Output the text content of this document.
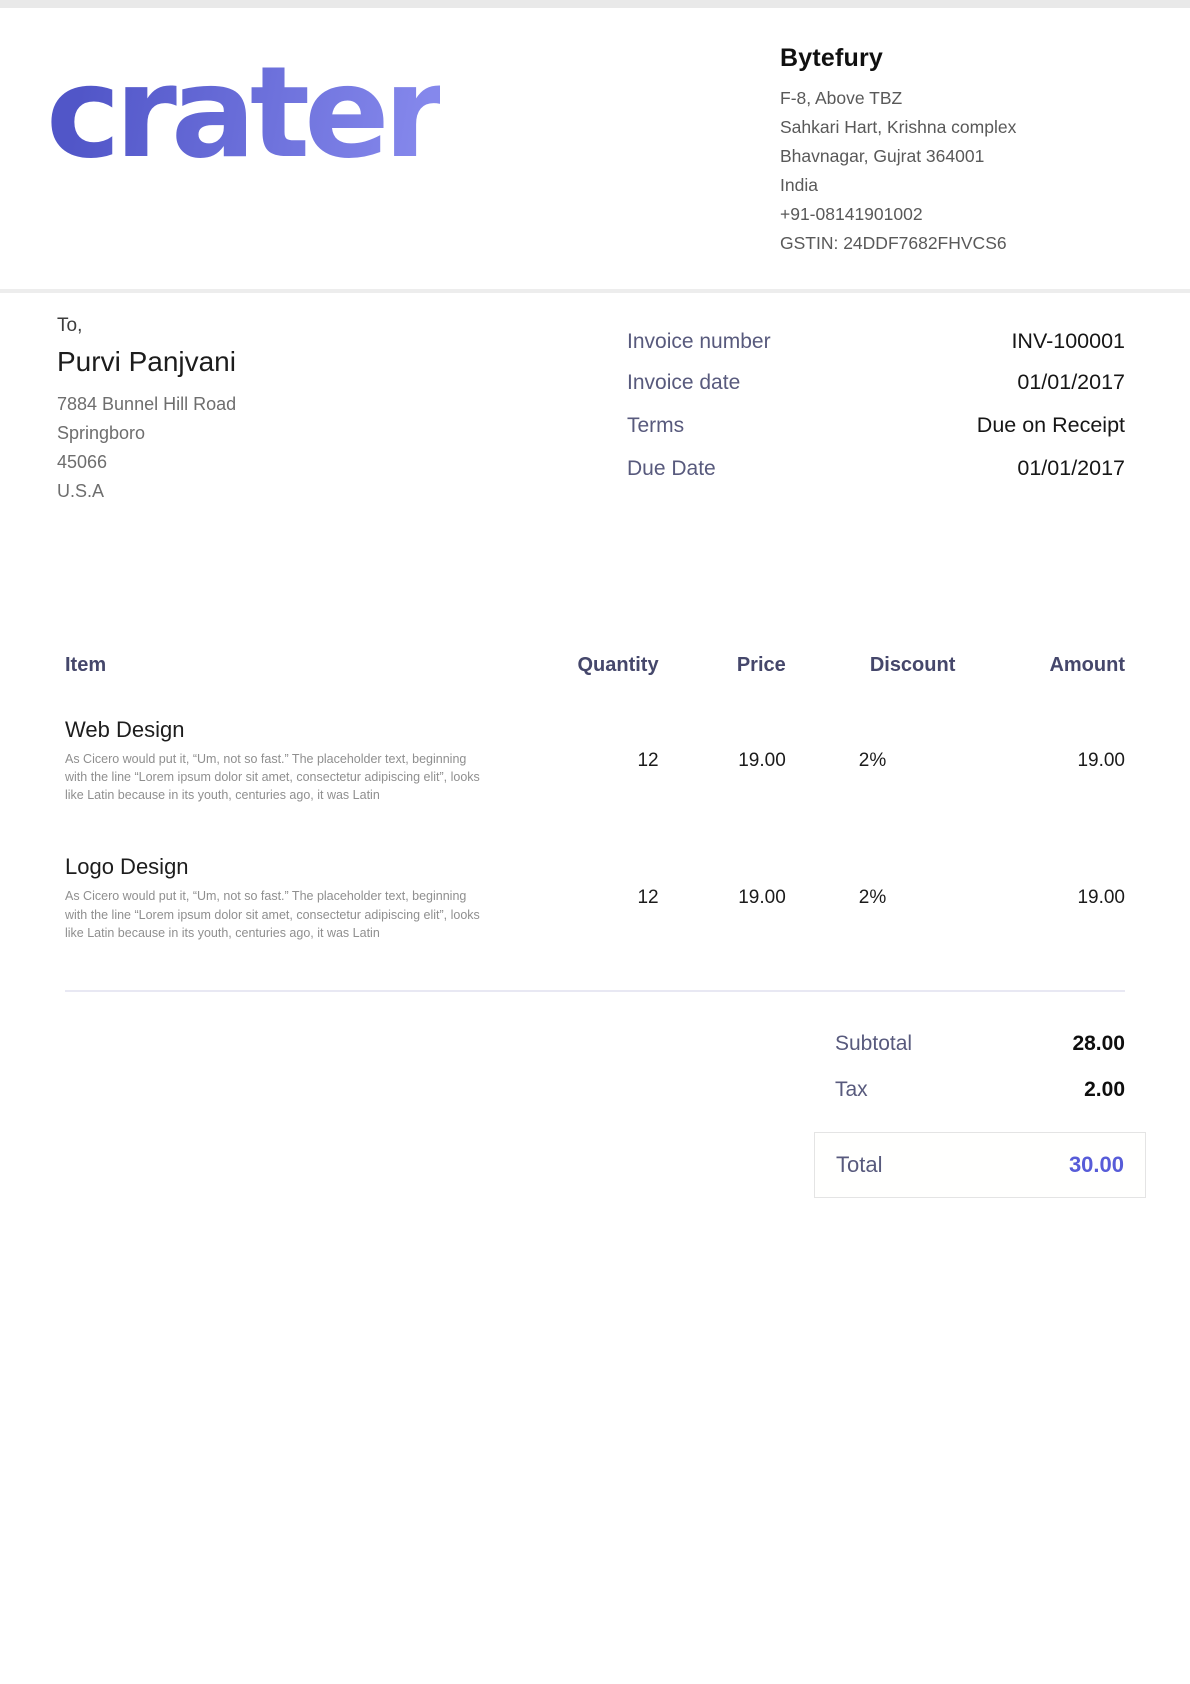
crater	Bytefury
F-8, Above TBZ
Sahkari Hart, Krishna complex
Bhavnagar, Gujrat 364001
India
+91-08141901002
GSTIN: 24DDF7682FHVCS6
To,
Purvi Panjvani
7884 Bunnel Hill Road
Springboro
45066
U.S.A
Invoice number	INV-100001
Invoice date	01/01/2017
Terms	Due on Receipt
Due Date	01/01/2017
Item	Quantity	Price	Discount	Amount

Web Design
As Cicero would put it, “Um, not so fast.” The placeholder text, beginning with the line “Lorem ipsum dolor sit amet, consectetur adipiscing elit”, looks like Latin because in its youth, centuries ago, it was Latin	12	19.00	2%	19.00

Logo Design
As Cicero would put it, “Um, not so fast.” The placeholder text, beginning with the line “Lorem ipsum dolor sit amet, consectetur adipiscing elit”, looks like Latin because in its youth, centuries ago, it was Latin	12	19.00	2%	19.00
Subtotal	28.00
Tax	2.00
Total	30.00
